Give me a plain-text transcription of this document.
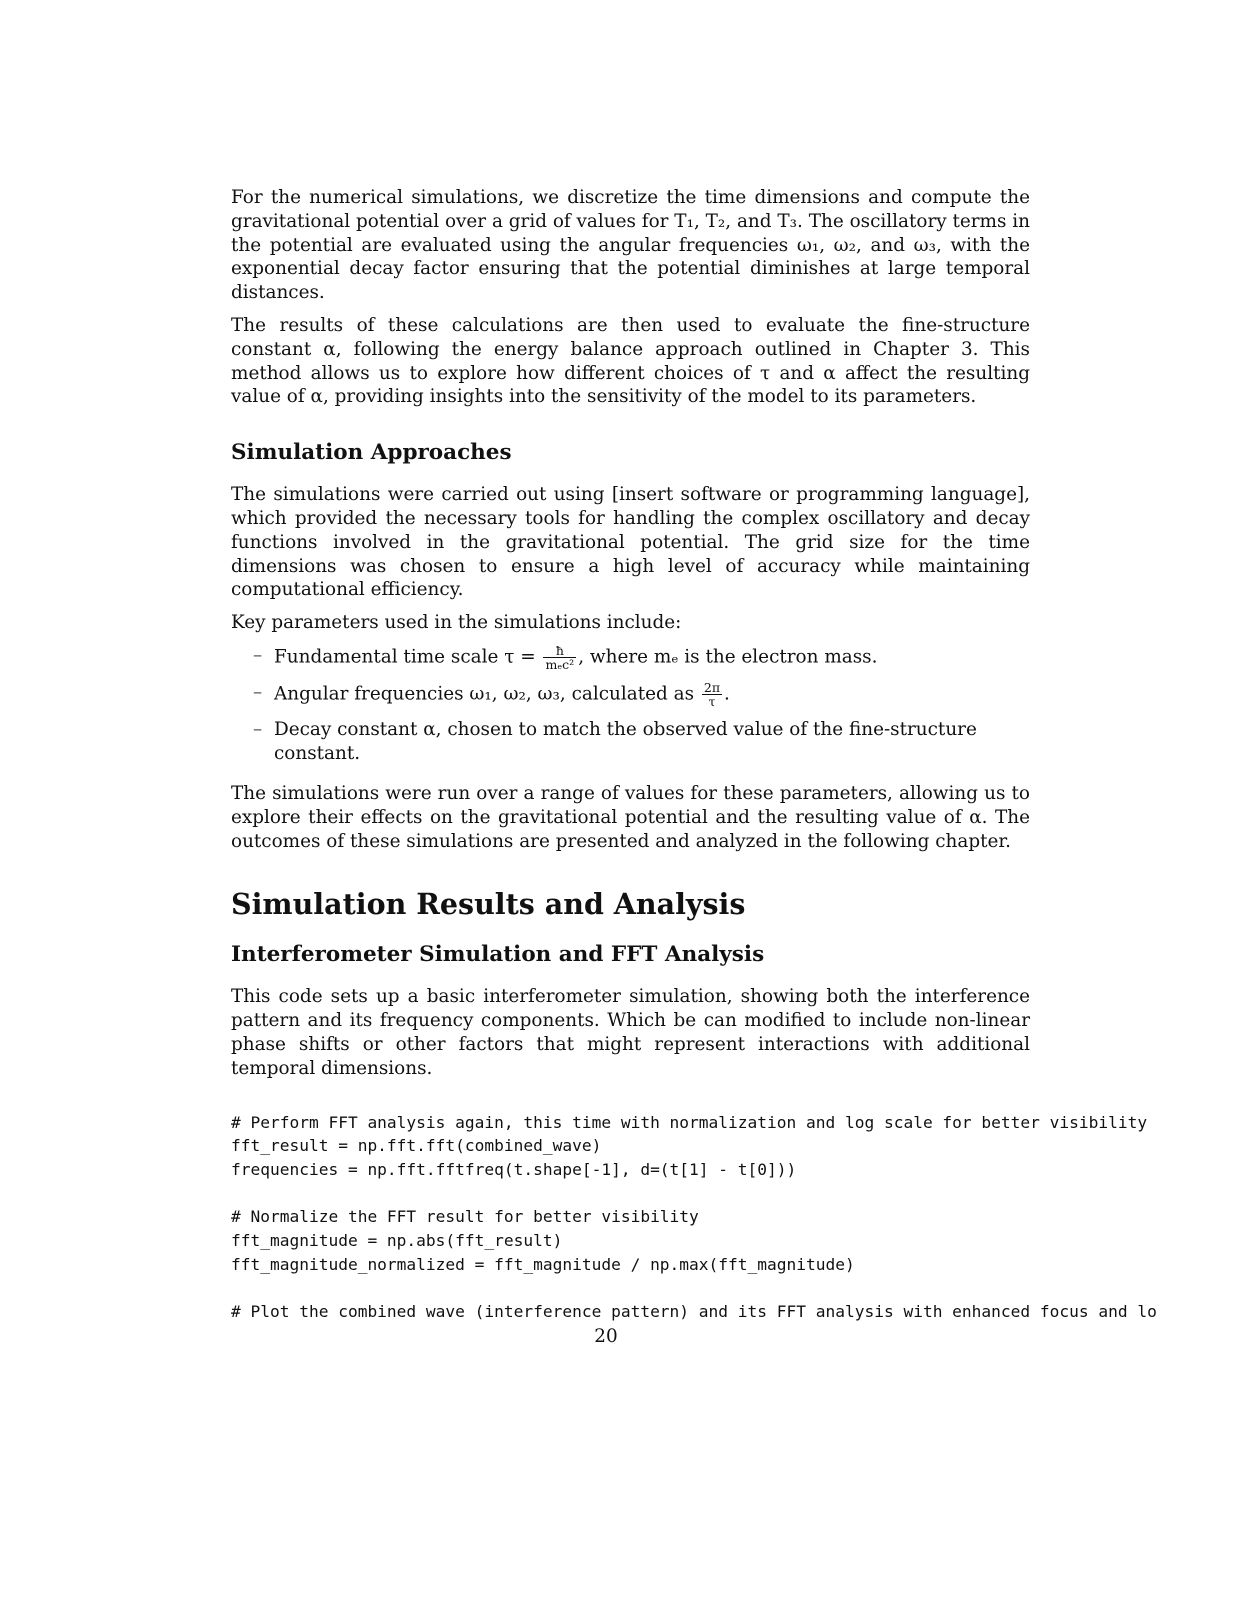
For the numerical simulations, we discretize the time dimensions and compute the gravitational potential over a grid of values for T₁, T₂, and T₃. The oscillatory terms in the potential are evaluated using the angular frequencies ω₁, ω₂, and ω₃, with the exponential decay factor ensuring that the potential diminishes at large temporal distances.

The results of these calculations are then used to evaluate the fine-structure constant α, following the energy balance approach outlined in Chapter 3. This method allows us to explore how different choices of τ and α affect the resulting value of α, providing insights into the sensitivity of the model to its parameters.

Simulation Approaches

The simulations were carried out using [insert software or programming language], which provided the necessary tools for handling the complex oscillatory and decay functions involved in the gravitational potential. The grid size for the time dimensions was chosen to ensure a high level of accuracy while maintaining computational efficiency.

Key parameters used in the simulations include:

– Fundamental time scale $\tau = \frac{ħ}{\text{mₑc²}}$ , where mₑ is the electron mass.
– Angular frequencies ω₁, ω₂, ω₃, calculated as $\frac{2\pi}{\tau}$ .
– Decay constant α, chosen to match the observed value of the fine-structure constant.

The simulations were run over a range of values for these parameters, allowing us to explore their effects on the gravitational potential and the resulting value of α. The outcomes of these simulations are presented and analyzed in the following chapter.

Simulation Results and Analysis
Interferometer Simulation and FFT Analysis

This code sets up a basic interferometer simulation, showing both the interference pattern and its frequency components. Which be can modified to include non-linear phase shifts or other factors that might represent interactions with additional temporal dimensions.

# Perform FFT analysis again, this time with normalization and log scale for better visibility
fft_result = np.fft.fft(combined_wave)
frequencies = np.fft.fftfreq(t.shape[-1], d=(t[1] - t[0]))

# Normalize the FFT result for better visibility
fft_magnitude = np.abs(fft_result)
fft_magnitude_normalized = fft_magnitude / np.max(fft_magnitude)

# Plot the combined wave (interference pattern) and its FFT analysis with enhanced focus and lo
20
